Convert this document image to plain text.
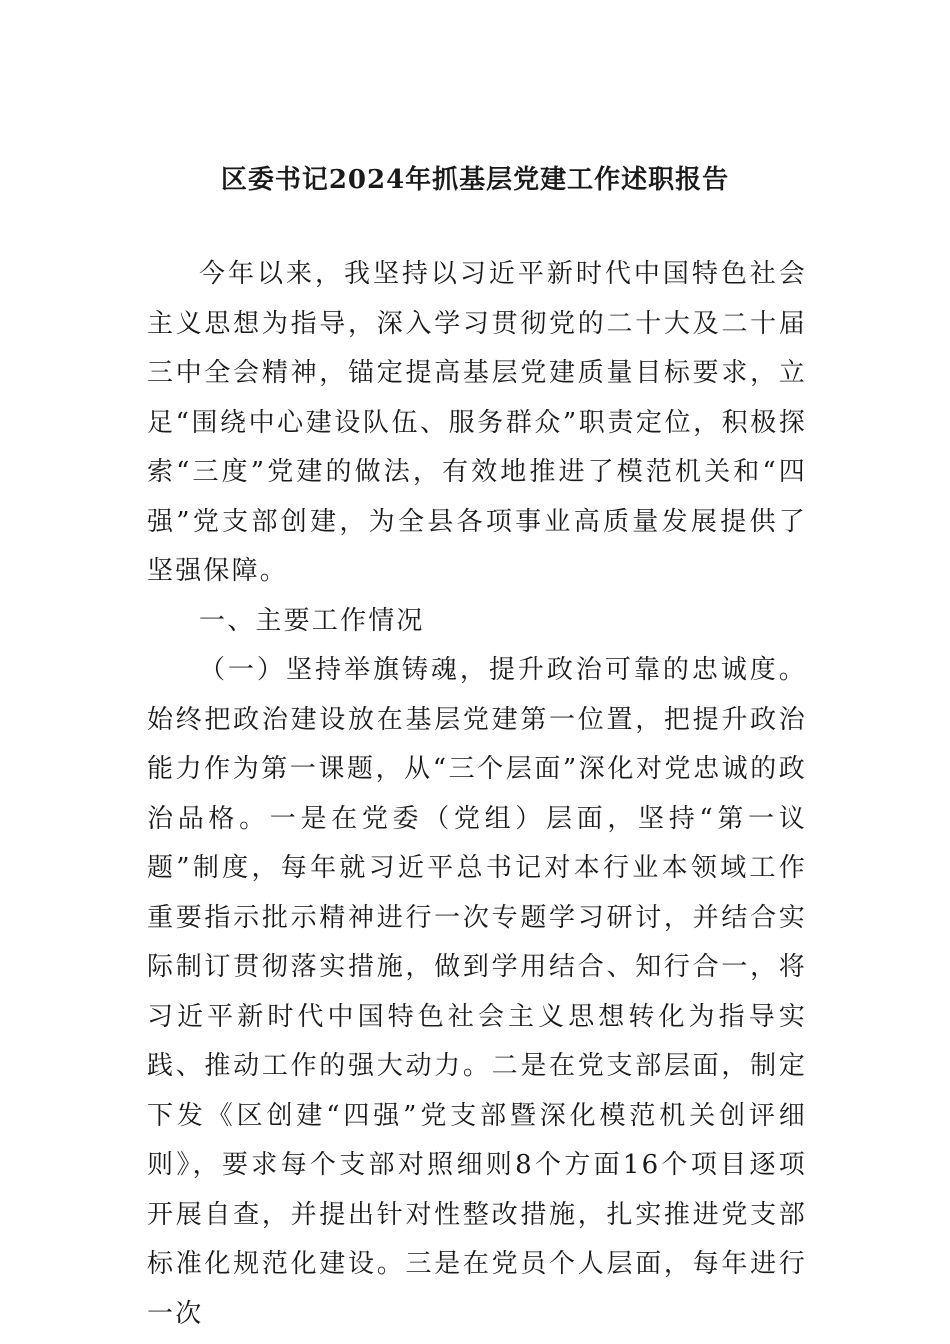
区委书记2024年抓基层党建工作述职报告

今年以来，我坚持以习近平新时代中国特色社会主义思想为指导，深入学习贯彻党的二十大及二十届三中全会精神，锚定提高基层党建质量目标要求，立足“围绕中心建设队伍、服务群众”职责定位，积极探索“三度”党建的做法，有效地推进了模范机关和“四强”党支部创建，为全县各项事业高质量发展提供了坚强保障。

一、主要工作情况

（一）坚持举旗铸魂，提升政治可靠的忠诚度。始终把政治建设放在基层党建第一位置，把提升政治能力作为第一课题，从“三个层面”深化对党忠诚的政治品格。一是在党委（党组）层面，坚持“第一议题”制度，每年就习近平总书记对本行业本领域工作重要指示批示精神进行一次专题学习研讨，并结合实际制订贯彻落实措施，做到学用结合、知行合一，将习近平新时代中国特色社会主义思想转化为指导实践、推动工作的强大动力。二是在党支部层面，制定下发《区创建“四强”党支部暨深化模范机关创评细则》，要求每个支部对照细则8个方面16个项目逐项开展自查，并提出针对性整改措施，扎实推进党支部标准化规范化建设。三是在党员个人层面，每年进行一次
